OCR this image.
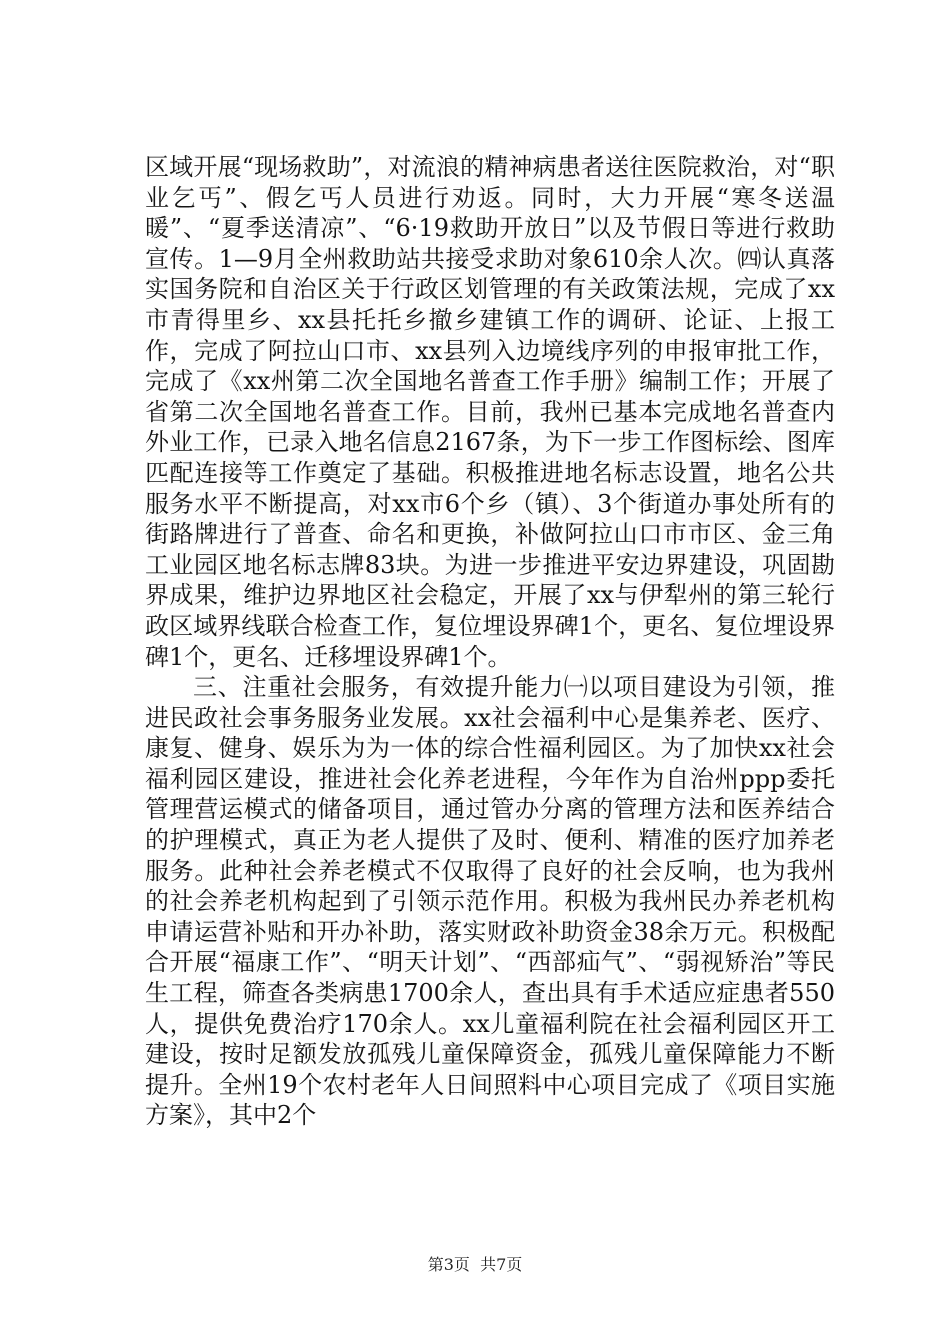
区域开展“现场救助”，对流浪的精神病患者送往医院救治，对“职业乞丐”、假乞丐人员进行劝返。同时，大力开展“寒冬送温暖”、“夏季送清凉”、“6·19救助开放日”以及节假日等进行救助宣传。1—9月全州救助站共接受求助对象610余人次。㈣认真落实国务院和自治区关于行政区划管理的有关政策法规，完成了xx市青得里乡、xx县托托乡撤乡建镇工作的调研、论证、上报工作，完成了阿拉山口市、xx县列入边境线序列的申报审批工作，完成了《xx州第二次全国地名普查工作手册》编制工作；开展了省第二次全国地名普查工作。目前，我州已基本完成地名普查内外业工作，已录入地名信息2167条，为下一步工作图标绘、图库匹配连接等工作奠定了基础。积极推进地名标志设置，地名公共服务水平不断提高，对xx市6个乡（镇）、3个街道办事处所有的街路牌进行了普查、命名和更换，补做阿拉山口市市区、金三角工业园区地名标志牌83块。为进一步推进平安边界建设，巩固勘界成果，维护边界地区社会稳定，开展了xx与伊犁州的第三轮行政区域界线联合检查工作，复位埋设界碑1个，更名、复位埋设界碑1个，更名、迁移埋设界碑1个。

三、注重社会服务，有效提升能力㈠以项目建设为引领，推进民政社会事务服务业发展。xx社会福利中心是集养老、医疗、康复、健身、娱乐为为一体的综合性福利园区。为了加快xx社会福利园区建设，推进社会化养老进程，今年作为自治州ppp委托管理营运模式的储备项目，通过管办分离的管理方法和医养结合的护理模式，真正为老人提供了及时、便利、精准的医疗加养老服务。此种社会养老模式不仅取得了良好的社会反响，也为我州的社会养老机构起到了引领示范作用。积极为我州民办养老机构申请运营补贴和开办补助，落实财政补助资金38余万元。积极配合开展“福康工作”、“明天计划”、“西部疝气”、“弱视矫治”等民生工程，筛查各类病患1700余人，查出具有手术适应症患者550人，提供免费治疗170余人。xx儿童福利院在社会福利园区开工建设，按时足额发放孤残儿童保障资金，孤残儿童保障能力不断提升。全州19个农村老年人日间照料中心项目完成了《项目实施方案》，其中2个

第3页  共7页
